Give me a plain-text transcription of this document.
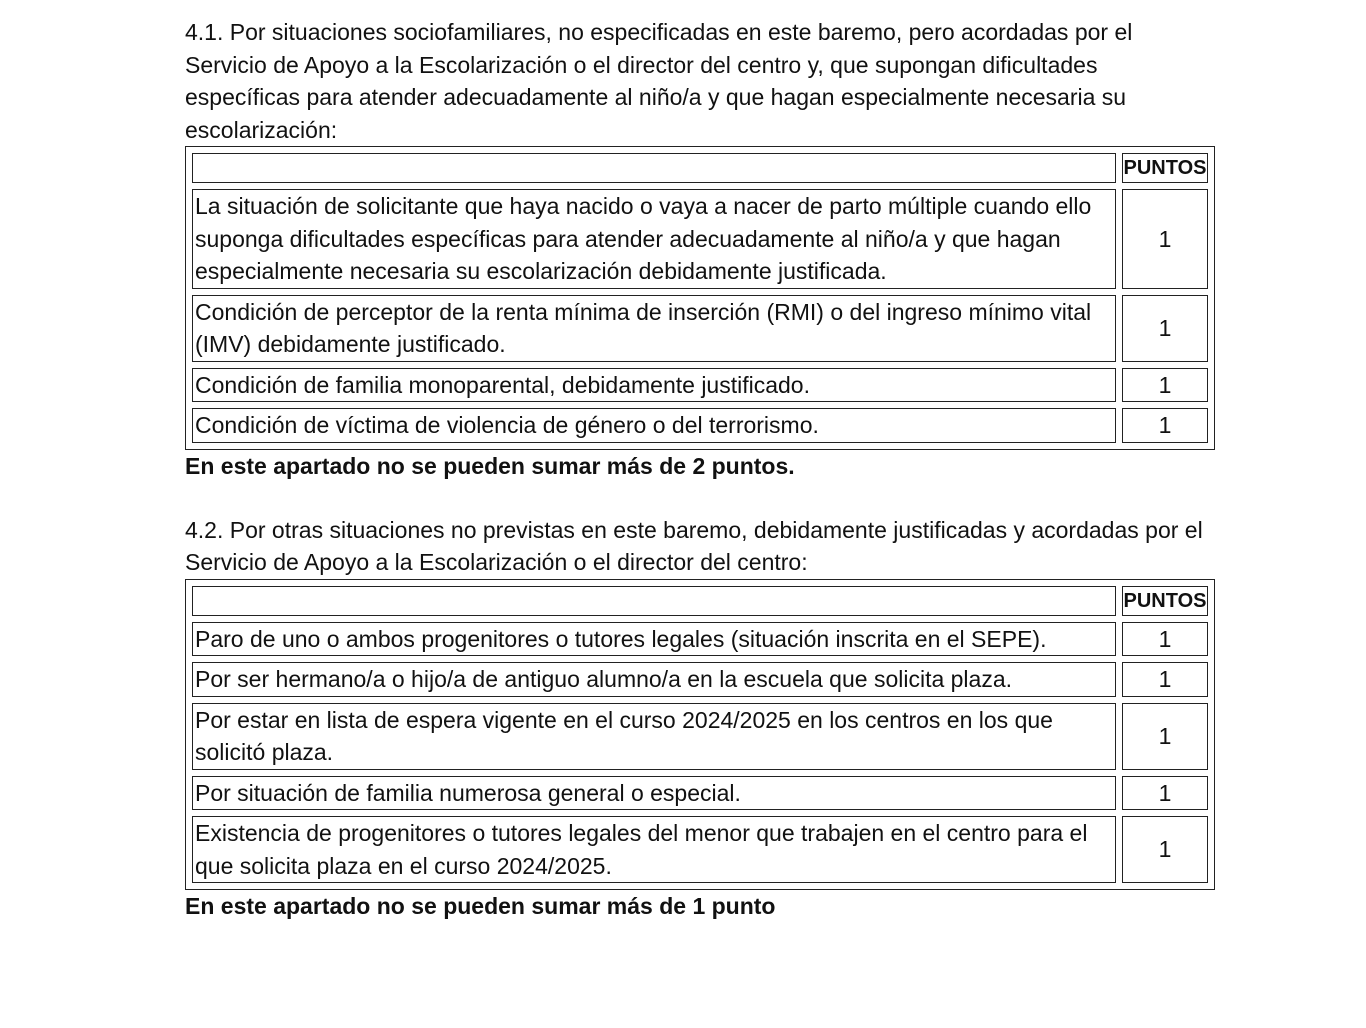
4.1. Por situaciones sociofamiliares, no especificadas en este baremo, pero acordadas por el Servicio de Apoyo a la Escolarización o el director del centro y, que supongan dificultades específicas para atender adecuadamente al niño/a y que hagan especialmente necesaria su escolarización:

	PUNTOS
La situación de solicitante que haya nacido o vaya a nacer de parto múltiple cuando ello suponga dificultades específicas para atender adecuadamente al niño/a y que hagan especialmente necesaria su escolarización debidamente justificada.	1
Condición de perceptor de la renta mínima de inserción (RMI) o del ingreso mínimo vital (IMV) debidamente justificado.	1
Condición de familia monoparental, debidamente justificado.	1
Condición de víctima de violencia de género o del terrorismo.	1

En este apartado no se pueden sumar más de 2 puntos.

4.2. Por otras situaciones no previstas en este baremo, debidamente justificadas y acordadas por el Servicio de Apoyo a la Escolarización o el director del centro:

	PUNTOS
Paro de uno o ambos progenitores o tutores legales (situación inscrita en el SEPE).	1
Por ser hermano/a o hijo/a de antiguo alumno/a en la escuela que solicita plaza.	1
Por estar en lista de espera vigente en el curso 2024/2025 en los centros en los que solicitó plaza.	1
Por situación de familia numerosa general o especial.	1
Existencia de progenitores o tutores legales del menor que trabajen en el centro para el que solicita plaza en el curso 2024/2025.	1

En este apartado no se pueden sumar más de 1 punto
